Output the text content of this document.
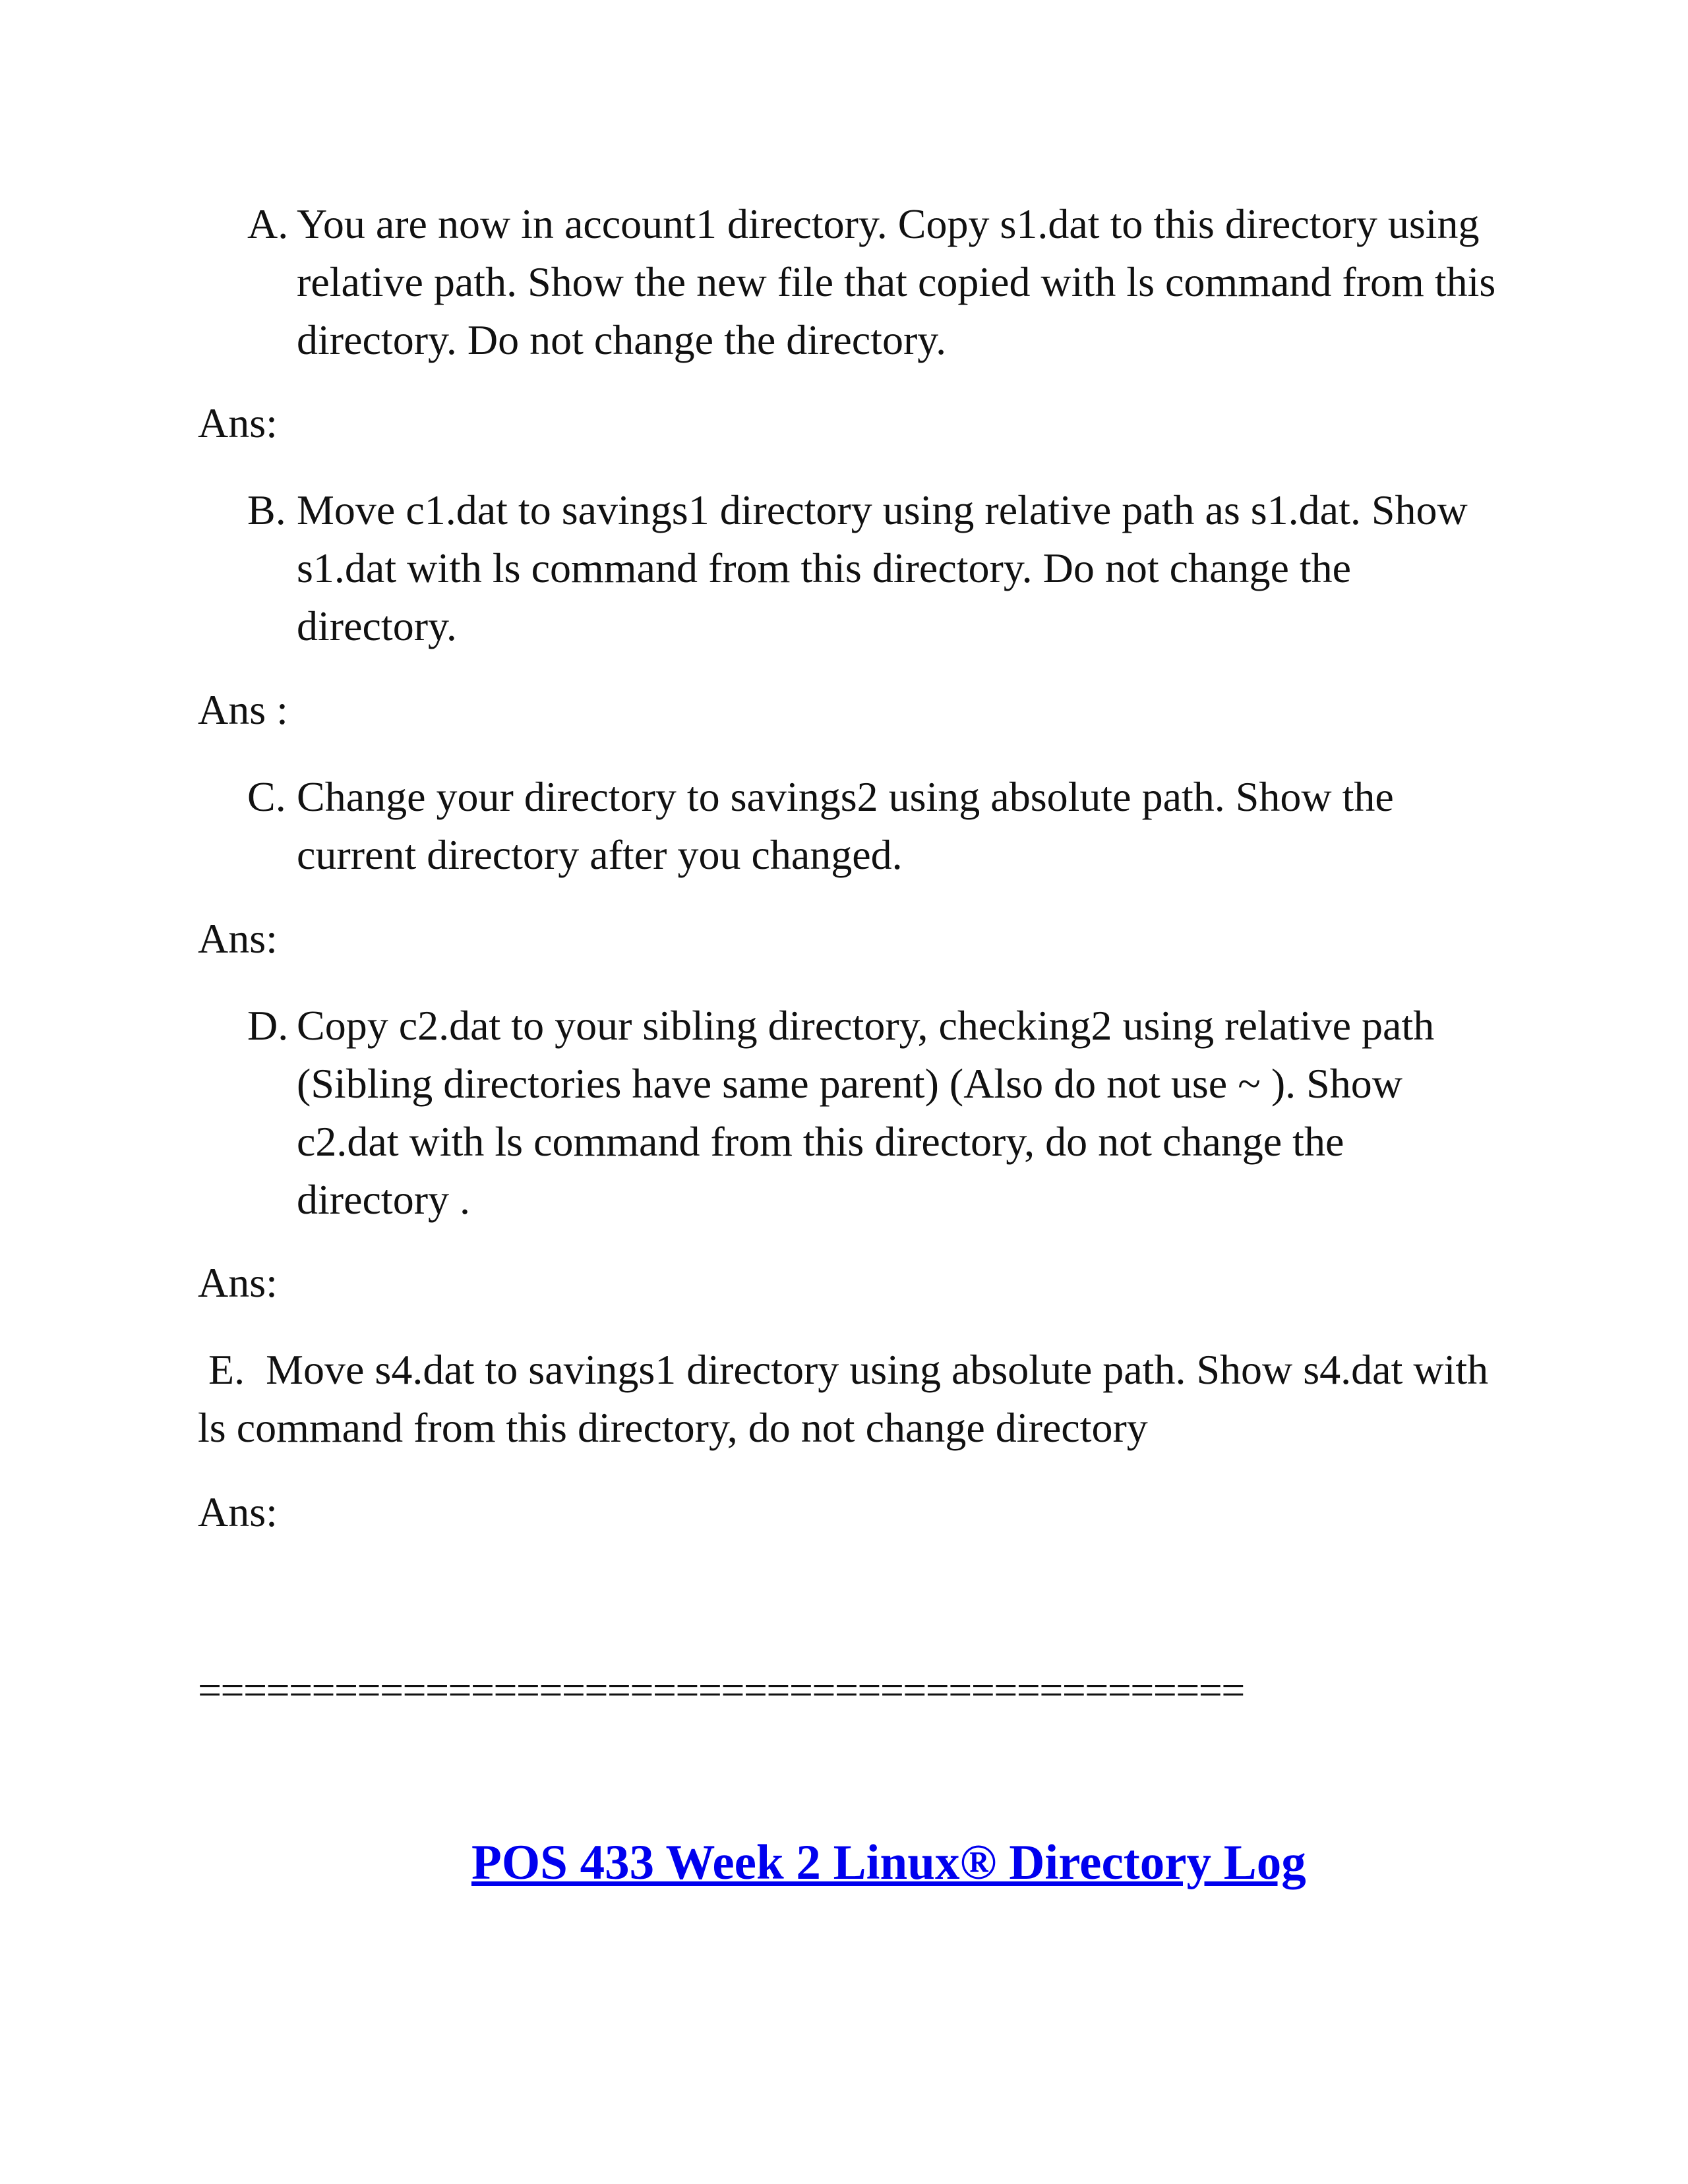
A. You are now in account1 directory. Copy s1.dat to this directory using relative path. Show the new file that copied with ls command from this directory. Do not change the directory.
Ans:
B. Move c1.dat to savings1 directory using relative path as s1.dat. Show s1.dat with ls command from this directory. Do not change the directory.
Ans :
C. Change your directory to savings2 using absolute path. Show the current directory after you changed.
Ans:
D. Copy c2.dat to your sibling directory, checking2 using relative path (Sibling directories have same parent) (Also do not use ~ ). Show c2.dat with ls command from this directory, do not change the directory .
Ans:
E. Move s4.dat to savings1 directory using absolute path. Show s4.dat with ls command from this directory, do not change directory
Ans:
==============================================
POS 433 Week 2 Linux® Directory Log
